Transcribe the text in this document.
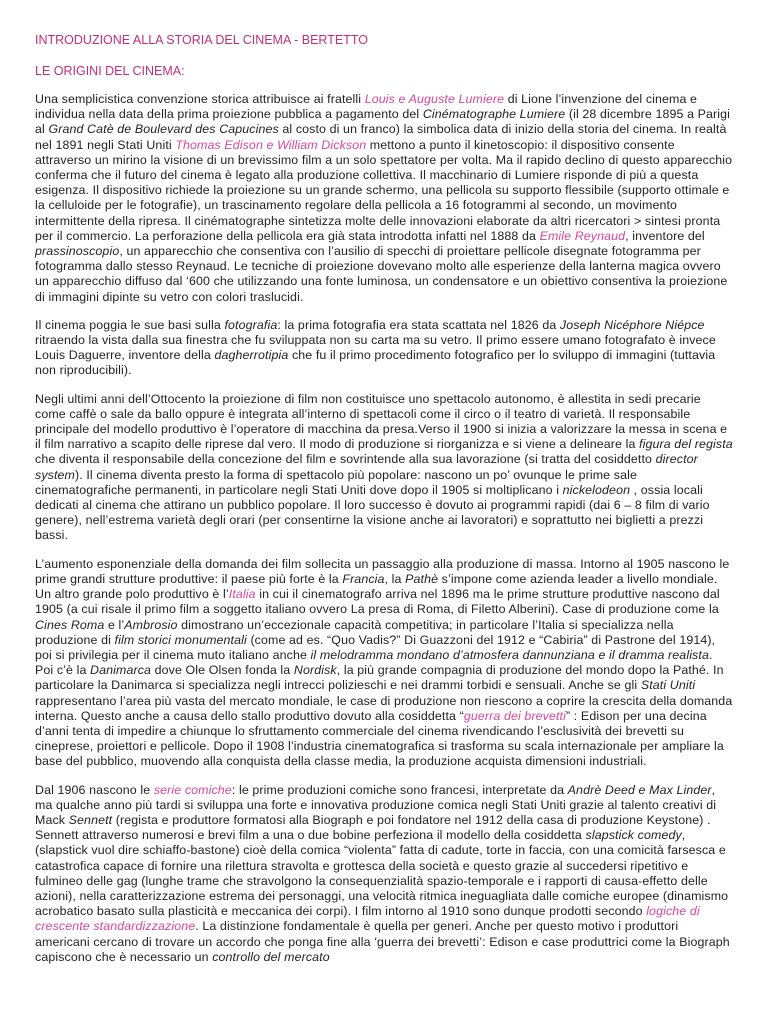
INTRODUZIONE ALLA STORIA DEL CINEMA - BERTETTO
LE ORIGINI DEL CINEMA:

Una semplicistica convenzione storica attribuisce ai fratelli Louis e Auguste Lumiere di Lione l’invenzione del cinema e individua nella data della prima proiezione pubblica a pagamento del Cinématographe Lumiere (il 28 dicembre 1895 a Parigi al Grand Catè de Boulevard des Capucines al costo di un franco) la simbolica data di inizio della storia del cinema. In realtà nel 1891 negli Stati Uniti Thomas Edison e William Dickson mettono a punto il kinetoscopio: il dispositivo consente attraverso un mirino la visione di un brevissimo film a un solo spettatore per volta. Ma il rapido declino di questo apparecchio conferma che il futuro del cinema è legato alla produzione collettiva. Il macchinario di Lumiere risponde di più a questa esigenza. Il dispositivo richiede la proiezione su un grande schermo, una pellicola su supporto flessibile (supporto ottimale e la celluloide per le fotografie), un trascinamento regolare della pellicola a 16 fotogrammi al secondo, un movimento intermittente della ripresa. Il cinématographe sintetizza molte delle innovazioni elaborate da altri ricercatori > sintesi pronta per il commercio. La perforazione della pellicola era già stata introdotta infatti nel 1888 da Emile Reynaud, inventore del prassinoscopio, un apparecchio che consentiva con l’ausilio di specchi di proiettare pellicole disegnate fotogramma per fotogramma dallo stesso Reynaud. Le tecniche di proiezione dovevano molto alle esperienze della lanterna magica ovvero un apparecchio diffuso dal ‘600 che utilizzando una fonte luminosa, un condensatore e un obiettivo consentiva la proiezione di immagini dipinte su vetro con colori traslucidi.

Il cinema poggia le sue basi sulla fotografia: la prima fotografia era stata scattata nel 1826 da Joseph Nicéphore Niépce ritraendo la vista dalla sua finestra che fu sviluppata non su carta ma su vetro. Il primo essere umano fotografato è invece Louis Daguerre, inventore della dagherrotipia che fu il primo procedimento fotografico per lo sviluppo di immagini (tuttavia non riproducibili).

Negli ultimi anni dell’Ottocento la proiezione di film non costituisce uno spettacolo autonomo, è allestita in sedi precarie come caffè o sale da ballo oppure è integrata all’interno di spettacoli come il circo o il teatro di varietà. Il responsabile principale del modello produttivo è l’operatore di macchina da presa.Verso il 1900 si inizia a valorizzare la messa in scena e il film narrativo a scapito delle riprese dal vero. Il modo di produzione si riorganizza e si viene a delineare la figura del regista che diventa il responsabile della concezione del film e sovrintende alla sua lavorazione (si tratta del cosiddetto director system). Il cinema diventa presto la forma di spettacolo più popolare: nascono un po’ ovunque le prime sale cinematografiche permanenti, in particolare negli Stati Uniti dove dopo il 1905 si moltiplicano i nickelodeon , ossia locali dedicati al cinema che attirano un pubblico popolare. Il loro successo è dovuto ai programmi rapidi (dai 6 – 8 film di vario genere), nell’estrema varietà degli orari (per consentirne la visione anche ai lavoratori) e soprattutto nei biglietti a prezzi bassi.

L’aumento esponenziale della domanda dei film sollecita un passaggio alla produzione di massa. Intorno al 1905 nascono le prime grandi strutture produttive: il paese più forte è la Francia, la Pathè s’impone come azienda leader a livello mondiale. Un altro grande polo produttivo è l’Italia in cui il cinematografo arriva nel 1896 ma le prime strutture produttive nascono dal 1905 (a cui risale il primo film a soggetto italiano ovvero La presa di Roma, di Filetto Alberini). Case di produzione come la Cines Roma e l’Ambrosio dimostrano un’eccezionale capacità competitiva; in particolare l’Italia si specializza nella produzione di film storici monumentali (come ad es. “Quo Vadis?” Di Guazzoni del 1912 e “Cabiria” di Pastrone del 1914), poi si privilegia per il cinema muto italiano anche il melodramma mondano d’atmosfera dannunziana e il dramma realista. Poi c’è la Danimarca dove Ole Olsen fonda la Nordisk, la più grande compagnia di produzione del mondo dopo la Pathé. In particolare la Danimarca si specializza negli intrecci polizieschi e nei drammi torbidi e sensuali. Anche se gli Stati Uniti rappresentano l’area più vasta del mercato mondiale, le case di produzione non riescono a coprire la crescita della domanda interna. Questo anche a causa dello stallo produttivo dovuto alla cosiddetta “guerra dei brevetti” : Edison per una decina d’anni tenta di impedire a chiunque lo sfruttamento commerciale del cinema rivendicando l’esclusività dei brevetti su cineprese, proiettori e pellicole. Dopo il 1908 l’industria cinematografica si trasforma su scala internazionale per ampliare la base del pubblico, muovendo alla conquista della classe media, la produzione acquista dimensioni industriali.

Dal 1906 nascono le serie comiche: le prime produzioni comiche sono francesi, interpretate da Andrè Deed e Max Linder, ma qualche anno più tardi si sviluppa una forte e innovativa produzione comica negli Stati Uniti grazie al talento creativi di Mack Sennett (regista e produttore formatosi alla Biograph e poi fondatore nel 1912 della casa di produzione Keystone) . Sennett attraverso numerosi e brevi film a una o due bobine perfeziona il modello della cosiddetta slapstick comedy, (slapstick vuol dire schiaffo-bastone) cioè della comica “violenta” fatta di cadute, torte in faccia, con una comicità farsesca e catastrofica capace di fornire una rilettura stravolta e grottesca della società e questo grazie al succedersi ripetitivo e fulmineo delle gag (lunghe trame che stravolgono la consequenzialità spazio-temporale e i rapporti di causa-effetto delle azioni), nella caratterizzazione estrema dei personaggi, una velocità ritmica ineguagliata dalle comiche europee (dinamismo acrobatico basato sulla plasticità e meccanica dei corpi). I film intorno al 1910 sono dunque prodotti secondo logiche di crescente standardizzazione. La distinzione fondamentale è quella per generi. Anche per questo motivo i produttori americani cercano di trovare un accordo che ponga fine alla ‘guerra dei brevetti’: Edison e case produttrici come la Biograph capiscono che è necessario un controllo del mercato
